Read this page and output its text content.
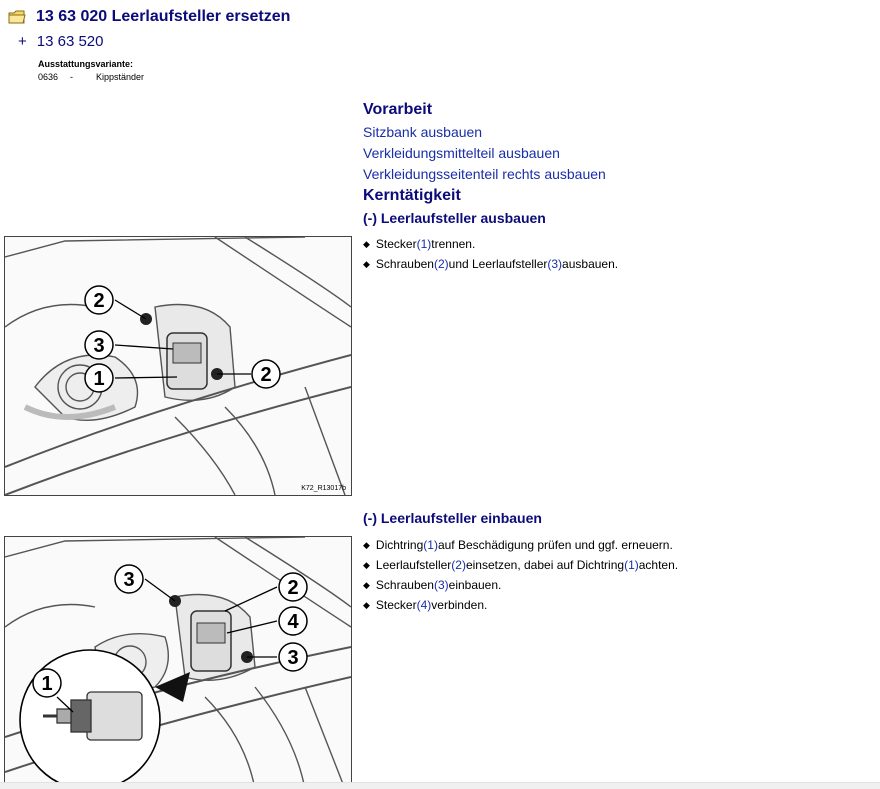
13 63 020 Leerlaufsteller ersetzen
+ 13 63 520
Ausstattungsvariante:
0636	-	Kippständer
Vorarbeit
Sitzbank ausbauen
Verkleidungsmittelteil ausbauen
Verkleidungsseitenteil rechts ausbauen
Kerntätigkeit
(-) Leerlaufsteller ausbauen
◆ Stecker (1) trennen.
◆ Schrauben (2) und Leerlaufsteller (3) ausbauen.
2
3
1	2
K72_R13017b
(-) Leerlaufsteller einbauen
◆ Dichtring (1) auf Beschädigung prüfen und ggf. erneuern.
◆ Leerlaufsteller (2) einsetzen, dabei auf Dichtring (1) achten.
◆ Schrauben (3) einbauen.
◆ Stecker (4) verbinden.
3	2
4
3
1
